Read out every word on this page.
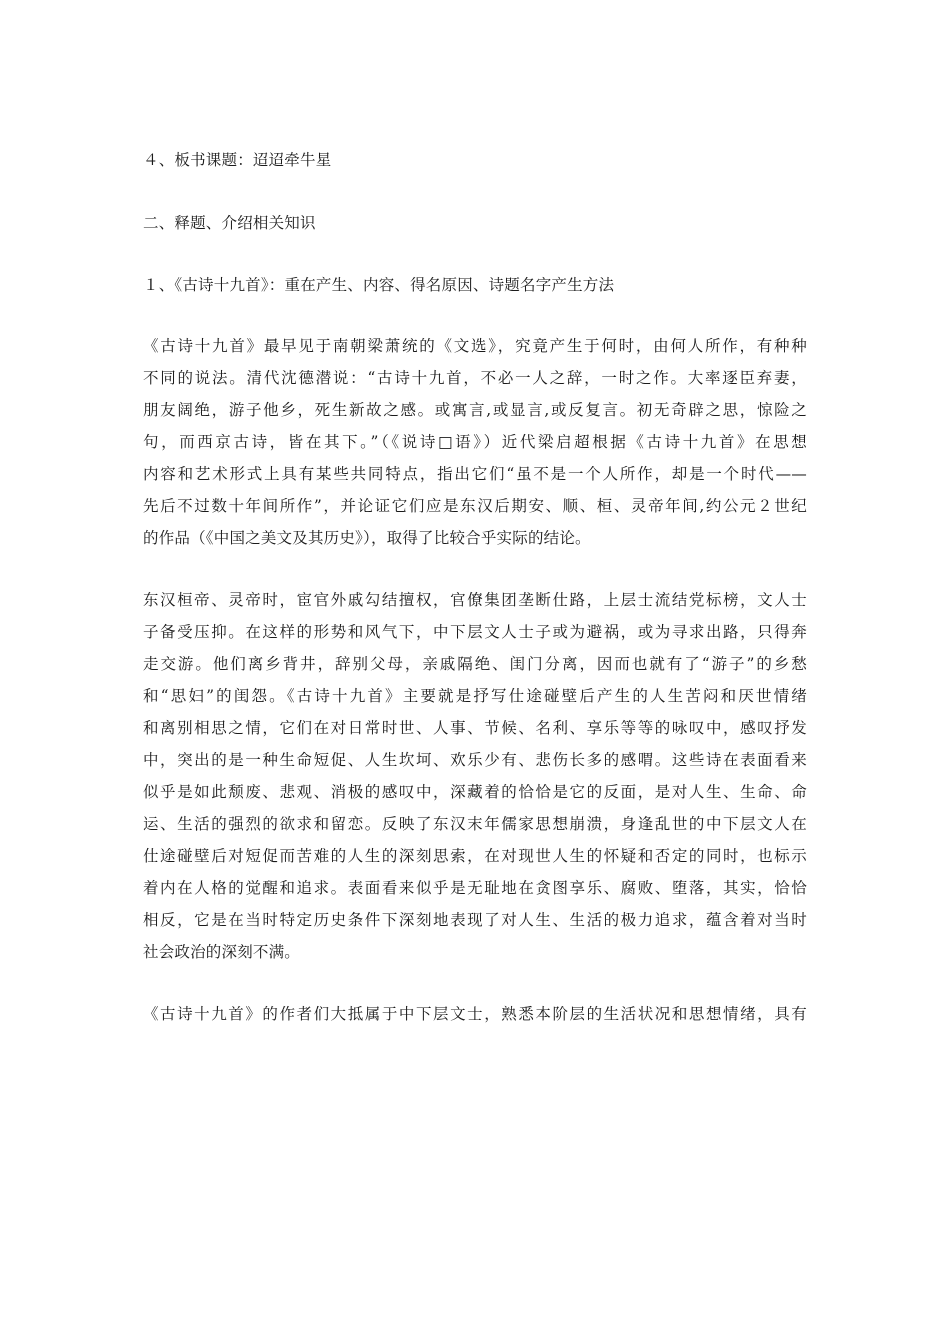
４、板书课题：迢迢牵牛星
二、释题、介绍相关知识
１、《古诗十九首》：重在产生、内容、得名原因、诗题名字产生方法
《古诗十九首》最早见于南朝梁萧统的《文选》，究竟产生于何时，由何人所作，有种种
不同的说法。清代沈德潜说：“古诗十九首，不必一人之辞，一时之作。大率逐臣弃妻，
朋友阔绝，游子他乡，死生新故之感。或寓言,或显言,或反复言。初无奇辟之思，惊险之
句，而西京古诗，皆在其下。”（《说诗□语》）近代梁启超根据《古诗十九首》在思想
内容和艺术形式上具有某些共同特点，指出它们“虽不是一个人所作，却是一个时代——
先后不过数十年间所作”，并论证它们应是东汉后期安、顺、桓、灵帝年间,约公元２世纪
的作品（《中国之美文及其历史》），取得了比较合乎实际的结论。
东汉桓帝、灵帝时，宦官外戚勾结擅权，官僚集团垄断仕路，上层士流结党标榜，文人士
子备受压抑。在这样的形势和风气下，中下层文人士子或为避祸，或为寻求出路，只得奔
走交游。他们离乡背井，辞别父母，亲戚隔绝、闺门分离，因而也就有了“游子”的乡愁
和“思妇”的闺怨。《古诗十九首》主要就是抒写仕途碰壁后产生的人生苦闷和厌世情绪
和离别相思之情，它们在对日常时世、人事、节候、名利、享乐等等的咏叹中，感叹抒发
中，突出的是一种生命短促、人生坎坷、欢乐少有、悲伤长多的感喟。这些诗在表面看来
似乎是如此颓废、悲观、消极的感叹中，深藏着的恰恰是它的反面，是对人生、生命、命
运、生活的强烈的欲求和留恋。反映了东汉末年儒家思想崩溃，身逢乱世的中下层文人在
仕途碰壁后对短促而苦难的人生的深刻思索，在对现世人生的怀疑和否定的同时，也标示
着内在人格的觉醒和追求。表面看来似乎是无耻地在贪图享乐、腐败、堕落，其实，恰恰
相反，它是在当时特定历史条件下深刻地表现了对人生、生活的极力追求，蕴含着对当时
社会政治的深刻不满。
《古诗十九首》的作者们大抵属于中下层文士，熟悉本阶层的生活状况和思想情绪，具有
